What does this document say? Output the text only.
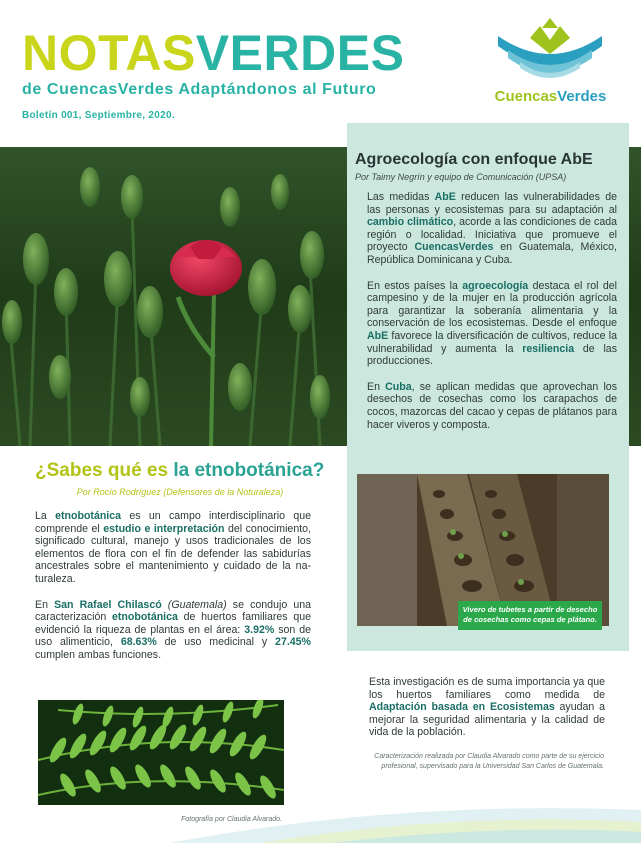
NOTASVERDES
de CuencasVerdes Adaptándonos al Futuro
Boletín 001, Septiembre, 2020.
CuencasVerdes
Agroecología con enfoque AbE
Por Taimy Negrín y equipo de Comunicación (UPSA)

Las medidas AbE reducen las vulnerabilidades de las personas y ecosistemas para su adaptación al cambio climático, acorde a las condiciones de cada región o localidad. Iniciativa que promueve el proyecto CuencasVerdes en Guatemala, México, República Dominicana y Cuba.

En estos países la agroecología destaca el rol del campesino y de la mujer en la producción agrícola para garantizar la soberanía alimentaria y la conservación de los ecosistemas. Desde el enfoque AbE favorece la diversificación de cultivos, reduce la vulnerabilidad y aumenta la resiliencia de las producciones.

En Cuba, se aplican medidas que aprovechan los desechos de cosechas como los carapachos de cocos, mazorcas del cacao y cepas de plátanos para hacer viveros y composta.

Vivero de tubetes a partir de desecho de cosechas como cepas de plátano.
¿Sabes qué es la etnobotánica?
Por Rocío Rodríguez (Defensores de la Noturaleza)

La etnobotánica es un campo interdisciplinario que comprende el estudio e interpretación del conocimiento, significado cultural, manejo y usos tradicionales de los elementos de flora con el fin de defender las sabidurías ancestrales sobre el mantenimiento y cuidado de la naturaleza.

En San Rafael Chilascó (Guatemala) se condujo una caracterización etnobotánica de huertos familiares que evidenció la riqueza de plantas en el área: 3.92% son de uso alimenticio, 68.63% de uso medicinal y 27.45% cumplen ambas funciones.

Fotografía por Claudia Alvarado.
Esta investigación es de suma importancia ya que los huertos familiares como medida de Adaptación basada en Ecosistemas ayudan a mejorar la seguridad alimentaria y la calidad de vida de la población.
Caracterización realizada por Claudia Alvarado como parte de su ejercicio profesional, supervisado para la Universidad San Carlos de Guatemala.
